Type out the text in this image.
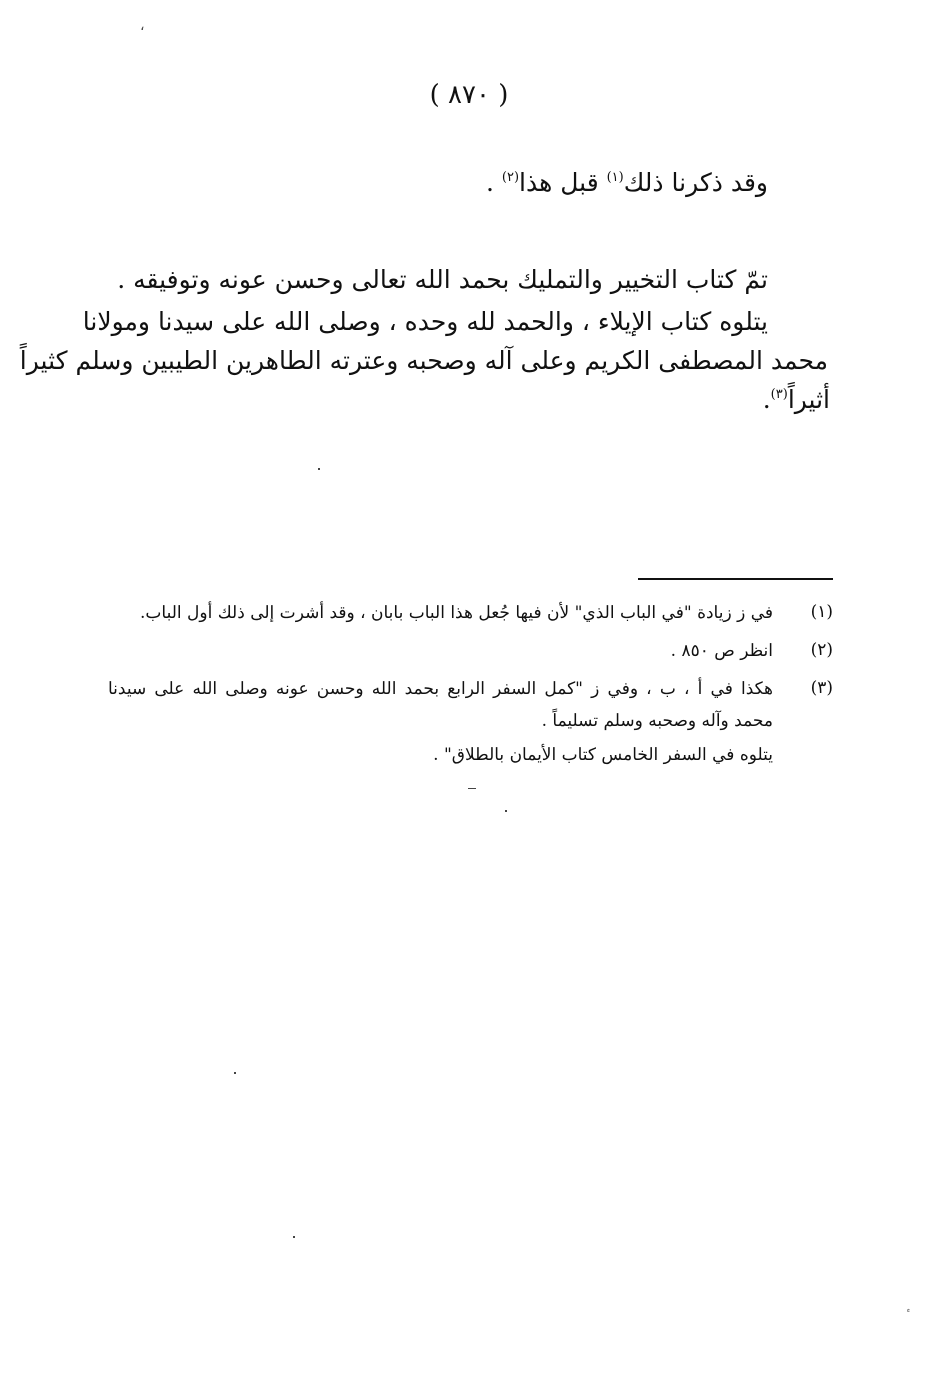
،
( ٨٧٠ )
وقد ذكرنا ذلك$^{(١)}$ قبل هذا$^{(٢)}$ .
تمّ كتاب التخيير والتمليك بحمد الله تعالى وحسن عونه وتوفيقه .
يتلوه كتاب الإيلاء ، والحمد لله وحده ، وصلى الله على سيدنا ومولانا
محمد المصطفى الكريم وعلى آله وصحبه وعترته الطاهرين الطيبين وسلم كثيراً
أثيراً$^{(٣)}$.
(١)
في ز زيادة "في الباب الذي" لأن فيها جُعل هذا الباب بابان ، وقد أشرت إلى ذلك أول الباب.
(٢)
انظر ص ٨٥٠ .
(٣)
هكذا في أ ، ب ، وفي ز "كمل السفر الرابع بحمد الله وحسن عونه وصلى الله على سيدنا
محمد وآله وصحبه وسلم تسليماً .
يتلوه في السفر الخامس كتاب الأيمان بالطلاق" .
